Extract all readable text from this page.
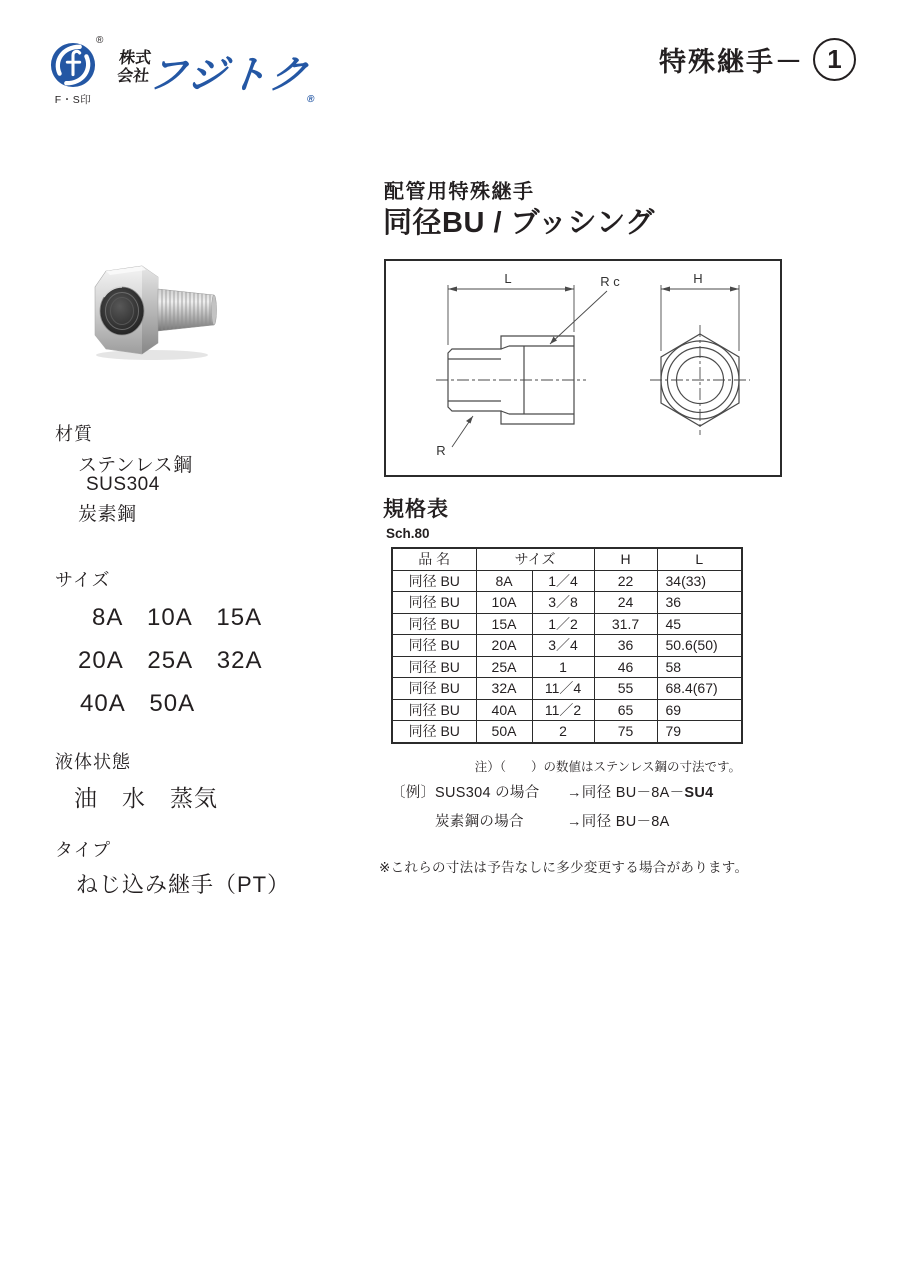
®
F・S印
株式
会社
フジトク$_®$
特殊継手－ 1
配管用特殊継手
同径BU / ブッシング
L	R c	H
R
材質
ステンレス鋼
SUS304
炭素鋼
サイズ
8A　10A　15A
20A　25A　32A
40A　50A
液体状態
油　水　蒸気
タイプ
ねじ込み継手（PT）
規格表
Sch.80
品 名	サイズ		H	L
同径 BU	8A	1／4	22	34(33)
同径 BU	10A	3／8	24	36
同径 BU	15A	1／2	31.7	45
同径 BU	20A	3／4	36	50.6(50)
同径 BU	25A	1	46	58
同径 BU	32A	11／4	55	68.4(67)
同径 BU	40A	11／2	65	69
同径 BU	50A	2	75	79
注）（　　）の数値はステンレス鋼の寸法です。
〔例〕 SUS304 の場合	→同径 BU－8A－SU4
炭素鋼の場合	→同径 BU－8A
※これらの寸法は予告なしに多少変更する場合があります。
